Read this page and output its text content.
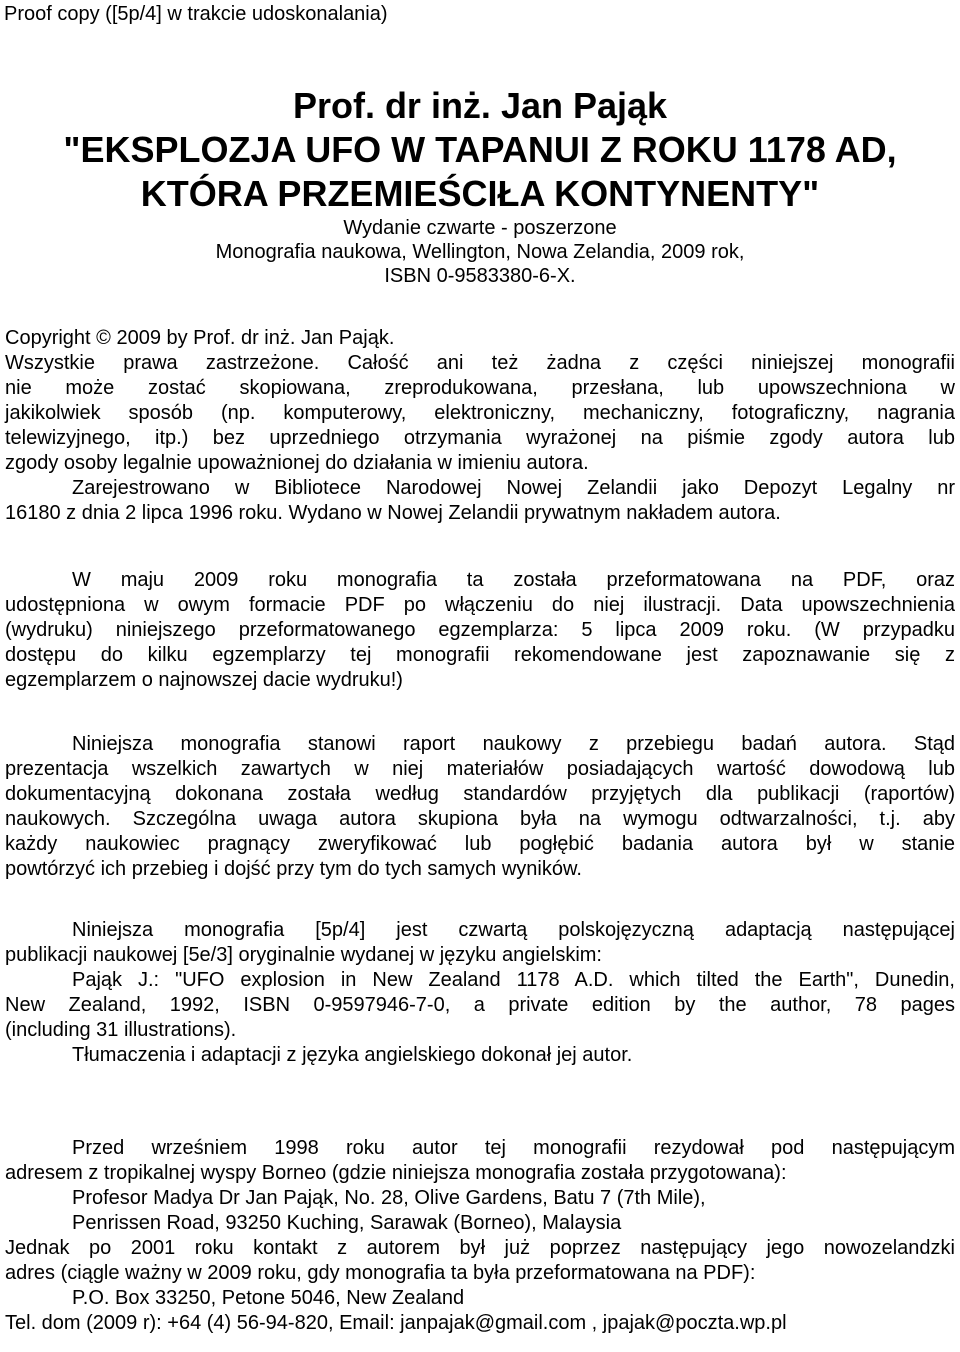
Proof copy ([5p/4] w trakcie udoskonalania)
Prof. dr inż. Jan Pająk
"EKSPLOZJA UFO W TAPANUI Z ROKU 1178 AD,
KTÓRA PRZEMIEŚCIŁA KONTYNENTY"
Wydanie czwarte - poszerzone
Monografia naukowa, Wellington, Nowa Zelandia, 2009 rok,
ISBN 0-9583380-6-X.
Copyright © 2009 by Prof. dr inż. Jan Pająk.
Wszystkie prawa zastrzeżone. Całość ani też żadna z części niniejszej monografii
nie może zostać skopiowana, zreprodukowana, przesłana, lub upowszechniona w
jakikolwiek sposób (np. komputerowy, elektroniczny, mechaniczny, fotograficzny, nagrania
telewizyjnego, itp.) bez uprzedniego otrzymania wyrażonej na piśmie zgody autora lub
zgody osoby legalnie upoważnionej do działania w imieniu autora.
Zarejestrowano w Bibliotece Narodowej Nowej Zelandii jako Depozyt Legalny nr
16180 z dnia 2 lipca 1996 roku. Wydano w Nowej Zelandii prywatnym nakładem autora.
W maju 2009 roku monografia ta została przeformatowana na PDF, oraz
udostępniona w owym formacie PDF po włączeniu do niej ilustracji. Data upowszechnienia
(wydruku) niniejszego przeformatowanego egzemplarza: 5 lipca 2009 roku. (W przypadku
dostępu do kilku egzemplarzy tej monografii rekomendowane jest zapoznawanie się z
egzemplarzem o najnowszej dacie wydruku!)
Niniejsza monografia stanowi raport naukowy z przebiegu badań autora. Stąd
prezentacja wszelkich zawartych w niej materiałów posiadających wartość dowodową lub
dokumentacyjną dokonana została według standardów przyjętych dla publikacji (raportów)
naukowych. Szczególna uwaga autora skupiona była na wymogu odtwarzalności, t.j. aby
każdy naukowiec pragnący zweryfikować lub pogłębić badania autora był w stanie
powtórzyć ich przebieg i dojść przy tym do tych samych wyników.
Niniejsza monografia [5p/4] jest czwartą polskojęzyczną adaptacją następującej
publikacji naukowej [5e/3] oryginalnie wydanej w języku angielskim:
Pająk J.: "UFO explosion in New Zealand 1178 A.D. which tilted the Earth", Dunedin,
New Zealand, 1992, ISBN 0-9597946-7-0, a private edition by the author, 78 pages
(including 31 illustrations).
Tłumaczenia i adaptacji z języka angielskiego dokonał jej autor.
Przed wrześniem 1998 roku autor tej monografii rezydował pod następującym
adresem z tropikalnej wyspy Borneo (gdzie niniejsza monografia została przygotowana):
Profesor Madya Dr Jan Pająk, No. 28, Olive Gardens, Batu 7 (7th Mile),
Penrissen Road, 93250 Kuching, Sarawak (Borneo), Malaysia
Jednak po 2001 roku kontakt z autorem był już poprzez następujący jego nowozelandzki
adres (ciągle ważny w 2009 roku, gdy monografia ta była przeformatowana na PDF):
P.O. Box 33250, Petone 5046, New Zealand
Tel. dom (2009 r): +64 (4) 56-94-820, Email: janpajak@gmail.com , jpajak@poczta.wp.pl
